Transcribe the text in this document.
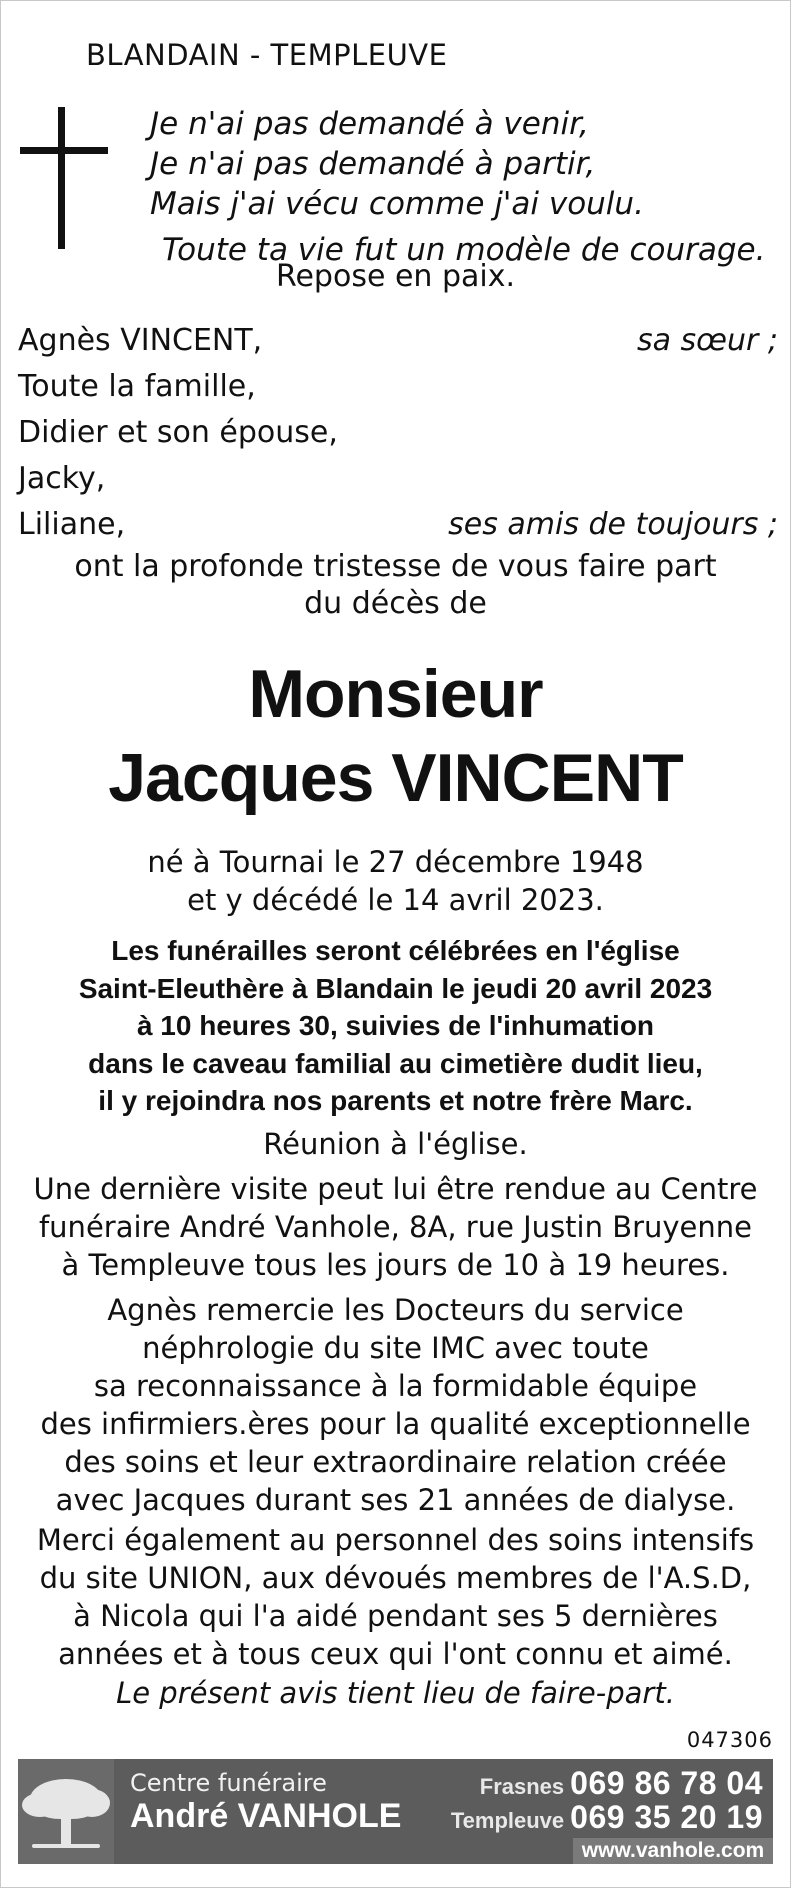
BLANDAIN - TEMPLEUVE
Je n'ai pas demandé à venir,
Je n'ai pas demandé à partir,
Mais j'ai vécu comme j'ai voulu.
Toute ta vie fut un modèle de courage.
Repose en paix.
Agnès VINCENT,	sa sœur ;
Toute la famille,
Didier et son épouse,
Jacky,
Liliane,	ses amis de toujours ;
ont la profonde tristesse de vous faire part
du décès de
Monsieur
Jacques VINCENT
né à Tournai le 27 décembre 1948
et y décédé le 14 avril 2023.
Les funérailles seront célébrées en l'église
Saint-Eleuthère à Blandain le jeudi 20 avril 2023
à 10 heures 30, suivies de l'inhumation
dans le caveau familial au cimetière dudit lieu,
il y rejoindra nos parents et notre frère Marc.
Réunion à l'église.
Une dernière visite peut lui être rendue au Centre
funéraire André Vanhole, 8A, rue Justin Bruyenne
à Templeuve tous les jours de 10 à 19 heures.
Agnès remercie les Docteurs du service
néphrologie du site IMC avec toute
sa reconnaissance à la formidable équipe
des infirmiers.ères pour la qualité exceptionnelle
des soins et leur extraordinaire relation créée
avec Jacques durant ses 21 années de dialyse.
Merci également au personnel des soins intensifs
du site UNION, aux dévoués membres de l'A.S.D,
à Nicola qui l'a aidé pendant ses 5 dernières
années et à tous ceux qui l'ont connu et aimé.
Le présent avis tient lieu de faire-part.
047306
Centre funéraire
André VANHOLE
Frasnes 069 86 78 04
Templeuve 069 35 20 19
www.vanhole.com
